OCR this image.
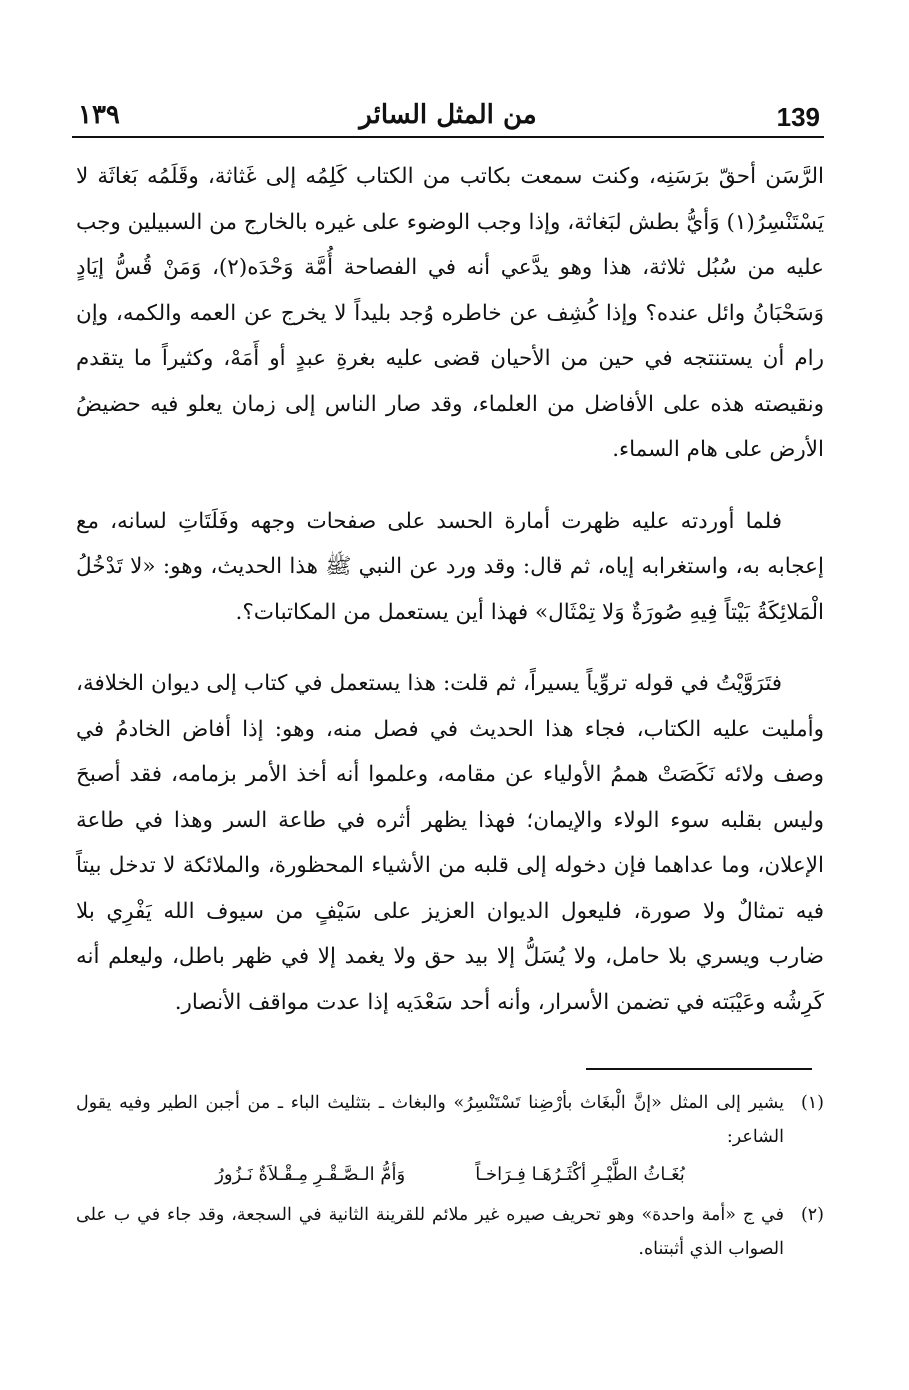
139
من المثل السائر
١٣٩

الرَّسَن أحقّ برَسَنِه، وكنت سمعت بكاتب من الكتاب كَلِمُه إلى غَثاثة، وقَلَمُه بَغاثَة لا يَسْتَنْسِرُ(١) وَأيُّ بطش لبَغاثة، وإذا وجب الوضوء على غيره بالخارج من السبيلين وجب عليه من سُبُل ثلاثة، هذا وهو يدَّعي أنه في الفصاحة أُمَّة وَحْدَه(٢)، وَمَنْ قُسُّ إيَادٍ وَسَحْبَانُ وائل عنده؟ وإذا كُشِف عن خاطره وُجد بليداً لا يخرج عن العمه والكمه، وإن رام أن يستنتجه في حين من الأحيان قضى عليه بغرةِ عبدٍ أو أَمَهْ، وكثيراً ما يتقدم ونقيصته هذه على الأفاضل من العلماء، وقد صار الناس إلى زمان يعلو فيه حضيضُ الأرض على هام السماء.

فلما أوردته عليه ظهرت أمارة الحسد على صفحات وجهه وفَلَتَاتِ لسانه، مع إعجابه به، واستغرابه إياه، ثم قال: وقد ورد عن النبي ﷺ هذا الحديث، وهو: «لا تَدْخُلُ الْمَلائِكَةُ بَيْتاً فِيهِ صُورَةٌ وَلا تِمْثَال» فهذا أين يستعمل من المكاتبات؟.

فتَرَوَّيْتُ في قوله تروِّياً يسيراً، ثم قلت: هذا يستعمل في كتاب إلى ديوان الخلافة، وأمليت عليه الكتاب، فجاء هذا الحديث في فصل منه، وهو: إذا أفاض الخادمُ في وصف ولائه نَكَصَتْ هممُ الأولياء عن مقامه، وعلموا أنه أخذ الأمر بزمامه، فقد أصبحَ وليس بقلبه سوء الولاء والإيمان؛ فهذا يظهر أثره في طاعة السر وهذا في طاعة الإعلان، وما عداهما فإن دخوله إلى قلبه من الأشياء المحظورة، والملائكة لا تدخل بيتاً فيه تمثالٌ ولا صورة، فليعول الديوان العزيز على سَيْفٍ من سيوف الله يَفْرِي بلا ضارب ويسري بلا حامل، ولا يُسَلُّ إلا بيد حق ولا يغمد إلا في ظهر باطل، وليعلم أنه كَرِشُه وعَيْبَته في تضمن الأسرار، وأنه أحد سَعْدَيه إذا عدت مواقف الأنصار.

(١)
يشير إلى المثل «إنَّ الْبغَاث بأرْضِنا تَسْتَنْسِرُ» والبغاث ـ بتثليث الباء ـ من أجبن الطير وفيه يقول الشاعر:
بُغَـاثُ الطَّيْـرِ أكْثَـرُهَـا فِـرَاخـاً
وَأمُّ الـصَّـقْـرِ مِـقْـلاَةٌ نَـزُورُ
(٢)
في ج «أمة واحدة» وهو تحريف صيره غير ملائم للقرينة الثانية في السجعة، وقد جاء في ب على الصواب الذي أثبتناه.
